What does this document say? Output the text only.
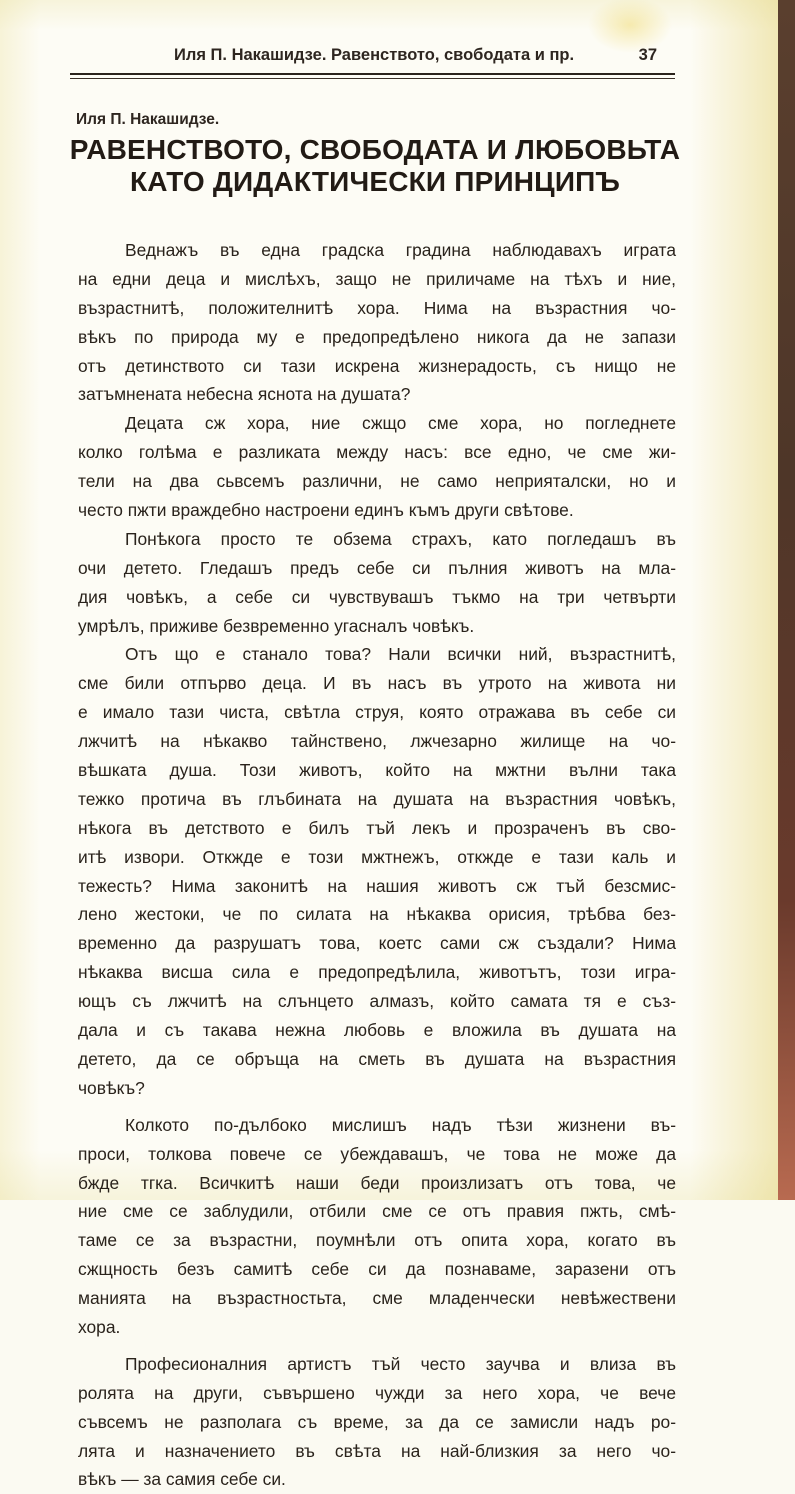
Иля П. Накашидзе. Равенството, свободата и пр.	37
Иля П. Накашидзе.
РАВЕНСТВОТО, СВОБОДАТА И ЛЮБОВЬТА
КАТО ДИДАКТИЧЕСКИ ПРИНЦИПЪ
Веднажъ въ една градска градина наблюдавахъ играта
на едни деца и мислѣхъ, защо не приличаме на тѣхъ и ние,
възрастнитѣ, положителнитѣ хора. Нима на възрастния чо-
вѣкъ по природа му е предопредѣлено никога да не запази
отъ детинството си тази искрена жизнерадость, съ нищо не
затъмнената небесна яснота на душата?
Децата сж хора, ние сжщо сме хора, но погледнете
колко голѣма е разликата между насъ: все едно, че сме жи-
тели на два сьвсемъ различни, не само неприяталски, но и
често пжти враждебно настроени единъ къмъ други свѣтове.
Понѣкога просто те обзема страхъ, като погледашъ въ
очи детето. Гледашъ предъ себе си пълния животъ на мла-
дия човѣкъ, а себе си чувствувашъ тъкмо на три четвърти
умрѣлъ, приживе безвременно угасналъ човѣкъ.
Отъ що е станало това? Нали всички ний, възрастнитѣ,
сме били отпърво деца. И въ насъ въ утрото на живота ни
е имало тази чиста, свѣтла струя, която отражава въ себе си
лжчитѣ на нѣкакво тайнствено, лжчезарно жилище на чо-
вѣшката душа. Този животъ, който на мжтни вълни така
тежко протича въ глъбината на душата на възрастния човѣкъ,
нѣкога въ детството е билъ тъй лекъ и прозраченъ въ сво-
итѣ извори. Откжде е този мжтнежъ, откжде е тази каль и
тежесть? Нима законитѣ на нашия животъ сж тъй безсмис-
лено жестоки, че по силата на нѣкаква орисия, трѣбва без-
временно да разрушатъ това, коетс сами сж създали? Нима
нѣкаква висша сила е предопредѣлила, животътъ, този игра-
ющъ съ лжчитѣ на слънцето алмазъ, който самата тя е съз-
дала и съ такава нежна любовь е вложила въ душата на
детето, да се обръща на сметь въ душата на възрастния
човѣкъ?
Колкото по-дълбоко мислишъ надъ тѣзи жизнени въ-
проси, толкова повече се убеждавашъ, че това не може да
бжде тгка. Всичкитѣ наши беди произлизатъ отъ това, че
ние сме се заблудили, отбили сме се отъ правия пжть, смѣ-
таме се за възрастни, поумнѣли отъ опита хора, когато въ
сжщность безъ самитѣ себе си да познаваме, заразени отъ
манията на възрастностьта, сме младенчески невѣжествени
хора.
Професионалния артистъ тъй често заучва и влиза въ
ролята на други, съвършено чужди за него хора, че вече
съвсемъ не разполага съ време, за да се замисли надъ ро-
лята и назначението въ свѣта на най-близкия за него чо-
вѣкъ — за самия себе си.
